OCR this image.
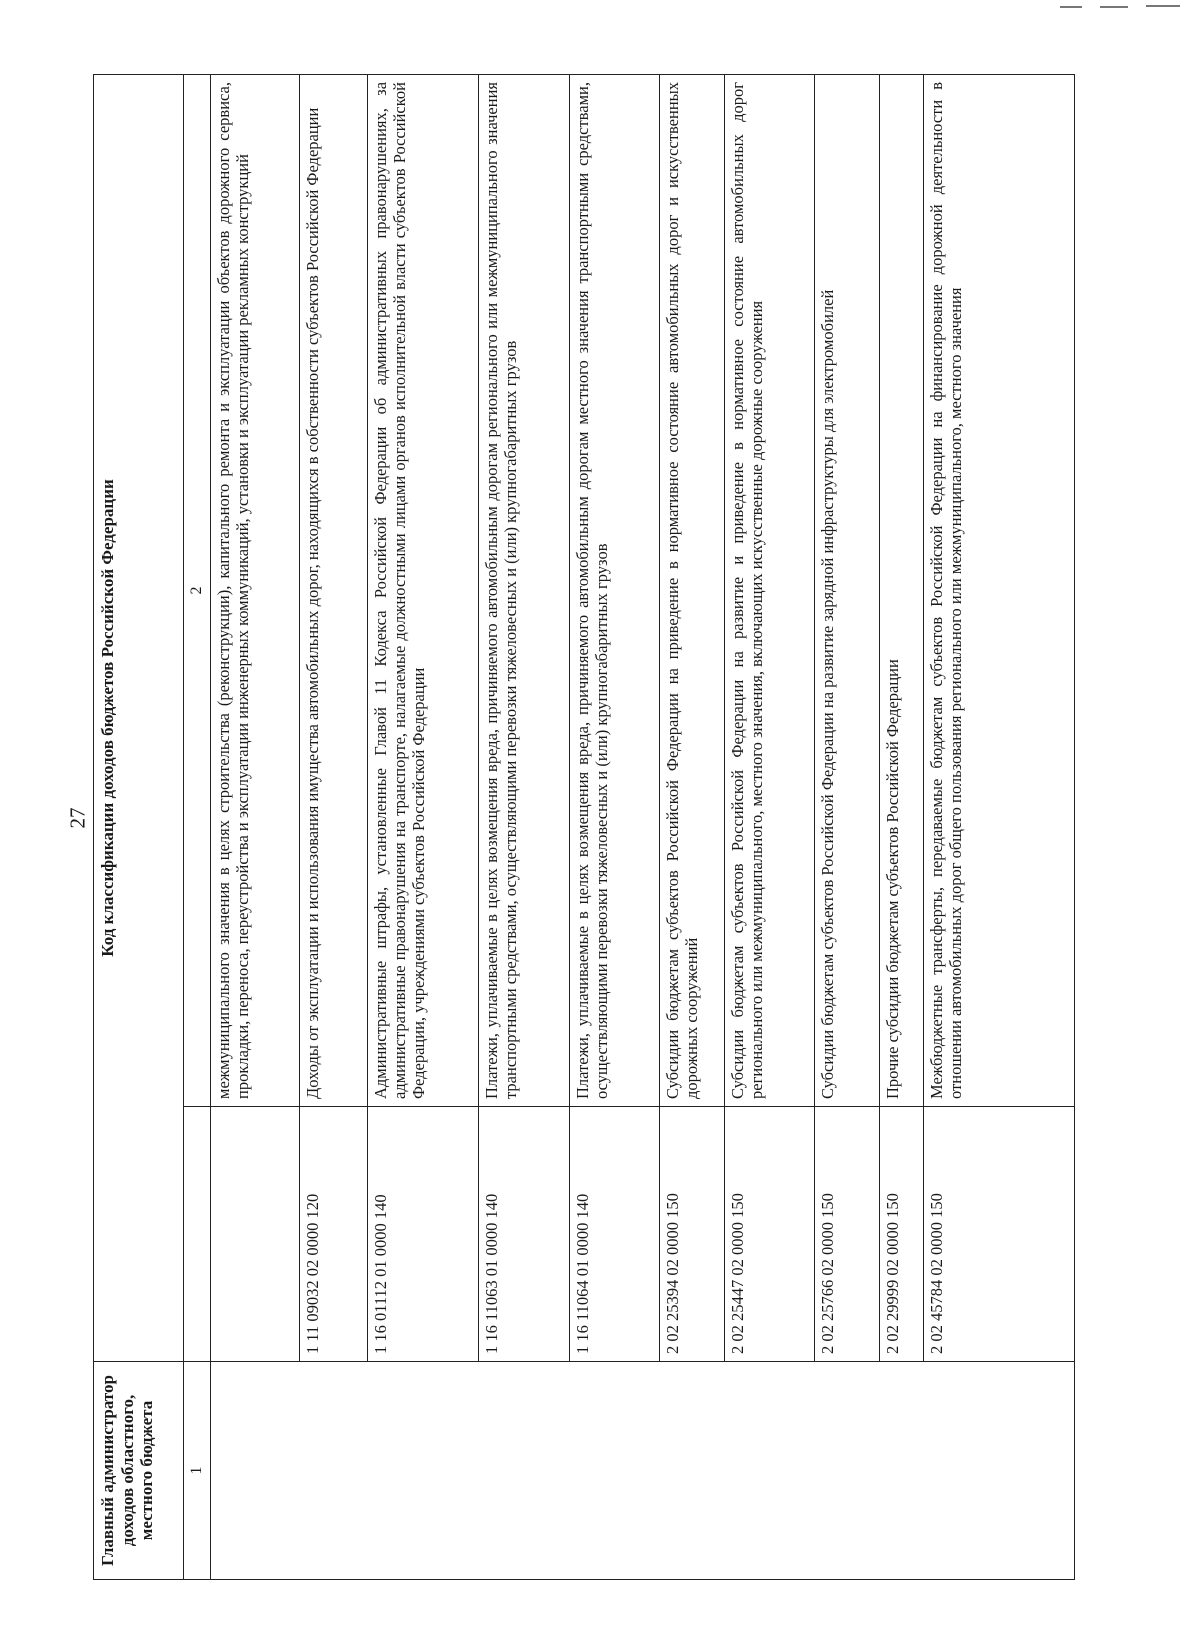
27
Главный администратор доходов областного, местного бюджета	Код классификации доходов бюджетов Российской Федерации	
1		2
		межмуниципального значения в целях строительства (реконструкции), капитального ремонта и эксплуатации объектов дорожного сервиса, прокладки, переноса, переустройства и эксплуатации инженерных коммуникаций, установки и эксплуатации рекламных конструкций
	1 11 09032 02 0000 120	Доходы от эксплуатации и использования имущества автомобильных дорог, находящихся в собственности субъектов Российской Федерации
	1 16 01112 01 0000 140	Административные штрафы, установленные Главой 11 Кодекса Российской Федерации об административных правонарушениях, за административные правонарушения на транспорте, налагаемые должностными лицами органов исполнительной власти субъектов Российской Федерации, учреждениями субъектов Российской Федерации
	1 16 11063 01 0000 140	Платежи, уплачиваемые в целях возмещения вреда, причиняемого автомобильным дорогам регионального или межмуниципального значения транспортными средствами, осуществляющими перевозки тяжеловесных и (или) крупногабаритных грузов
	1 16 11064 01 0000 140	Платежи, уплачиваемые в целях возмещения вреда, причиняемого автомобильным дорогам местного значения транспортными средствами, осуществляющими перевозки тяжеловесных и (или) крупногабаритных грузов
	2 02 25394 02 0000 150	Субсидии бюджетам субъектов Российской Федерации на приведение в нормативное состояние автомобильных дорог и искусственных дорожных сооружений
	2 02 25447 02 0000 150	Субсидии бюджетам субъектов Российской Федерации на развитие и приведение в нормативное состояние автомобильных дорог регионального или межмуниципального, местного значения, включающих искусственные дорожные сооружения
	2 02 25766 02 0000 150	Субсидии бюджетам субъектов Российской Федерации на развитие зарядной инфраструктуры для электромобилей
	2 02 29999 02 0000 150	Прочие субсидии бюджетам субъектов Российской Федерации
	2 02 45784 02 0000 150	Межбюджетные трансферты, передаваемые бюджетам субъектов Российской Федерации на финансирование дорожной деятельности в отношении автомобильных дорог общего пользования регионального или межмуниципального, местного значения
